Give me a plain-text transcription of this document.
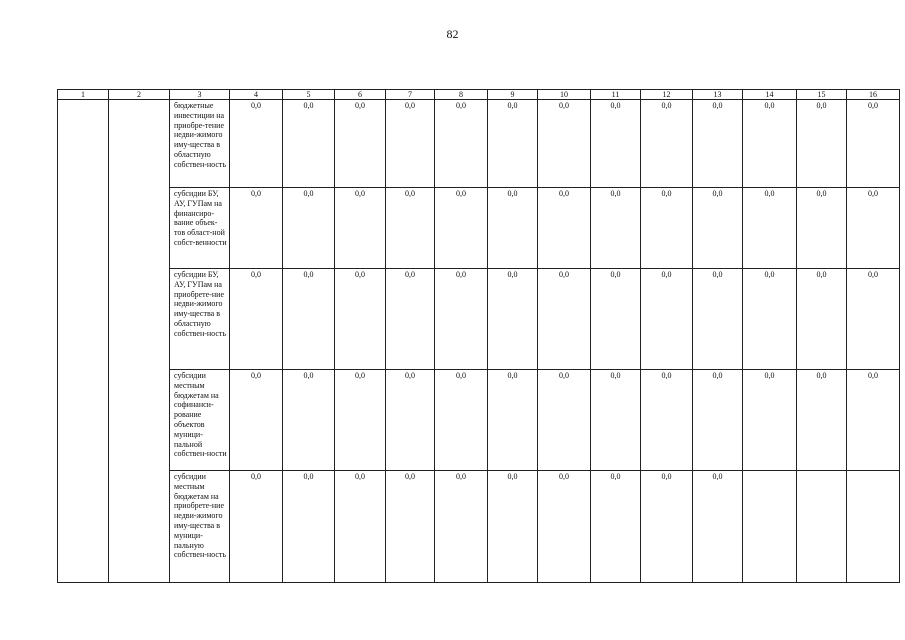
82
1	2	3	4	5	6	7	8	9	10	11	12	13	14	15	16
		бюджетные инвестиции на приобре-тение недви-жимого иму-щества в областную собствен-ность	0,0	0,0	0,0	0,0	0,0	0,0	0,0	0,0	0,0	0,0	0,0	0,0	0,0
		субсидии БУ, АУ, ГУПам на финансиро-вание объек-тов област-ной собст-венности	0,0	0,0	0,0	0,0	0,0	0,0	0,0	0,0	0,0	0,0	0,0	0,0	0,0
		субсидии БУ, АУ, ГУПам на приобрете-ние недви-жимого иму-щества в областную собствен-ность	0,0	0,0	0,0	0,0	0,0	0,0	0,0	0,0	0,0	0,0	0,0	0,0	0,0
		субсидии местным бюджетам на софинанси-рование объектов муници-пальной собствен-ности	0,0	0,0	0,0	0,0	0,0	0,0	0,0	0,0	0,0	0,0	0,0	0,0	0,0
		субсидии местным бюджетам на приобрете-ние недви-жимого иму-щества в муници-пальную собствен-ность	0,0	0,0	0,0	0,0	0,0	0,0	0,0	0,0	0,0	0,0			
